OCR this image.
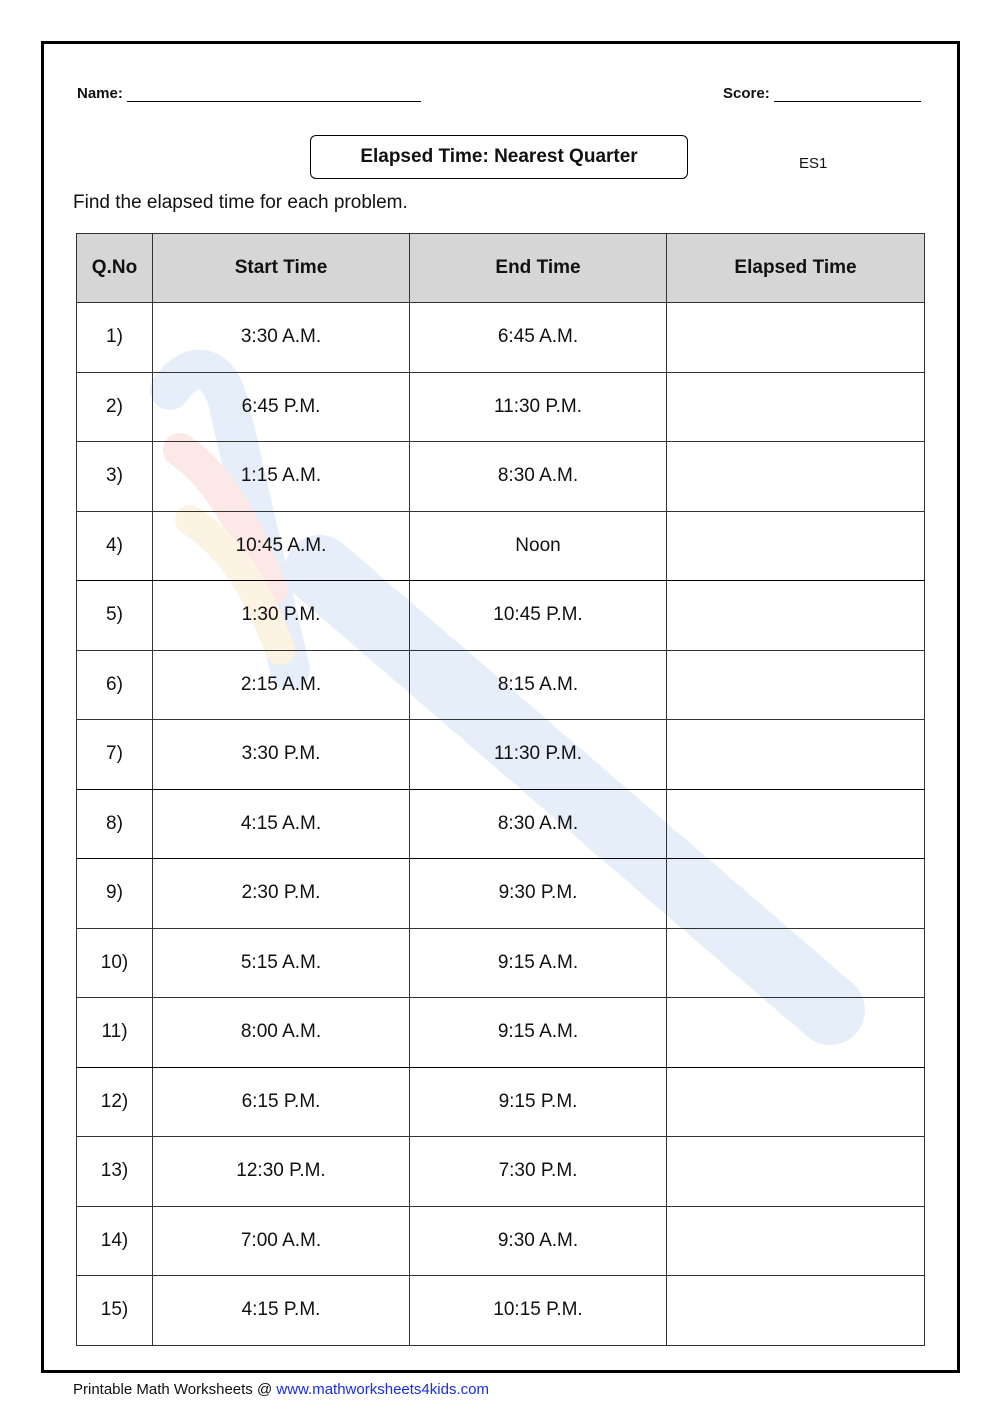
Name:	Score:
Elapsed Time: Nearest Quarter	ES1
Find the elapsed time for each problem.
Q.No	Start Time	End Time	Elapsed Time
1)	3:30 A.M.	6:45 A.M.	
2)	6:45 P.M.	11:30 P.M.	
3)	1:15 A.M.	8:30 A.M.	
4)	10:45 A.M.	Noon	
5)	1:30 P.M.	10:45 P.M.	
6)	2:15 A.M.	8:15 A.M.	
7)	3:30 P.M.	11:30 P.M.	
8)	4:15 A.M.	8:30 A.M.	
9)	2:30 P.M.	9:30 P.M.	
10)	5:15 A.M.	9:15 A.M.	
11)	8:00 A.M.	9:15 A.M.	
12)	6:15 P.M.	9:15 P.M.	
13)	12:30 P.M.	7:30 P.M.	
14)	7:00 A.M.	9:30 A.M.	
15)	4:15 P.M.	10:15 P.M.	
Printable Math Worksheets @ www.mathworksheets4kids.com
